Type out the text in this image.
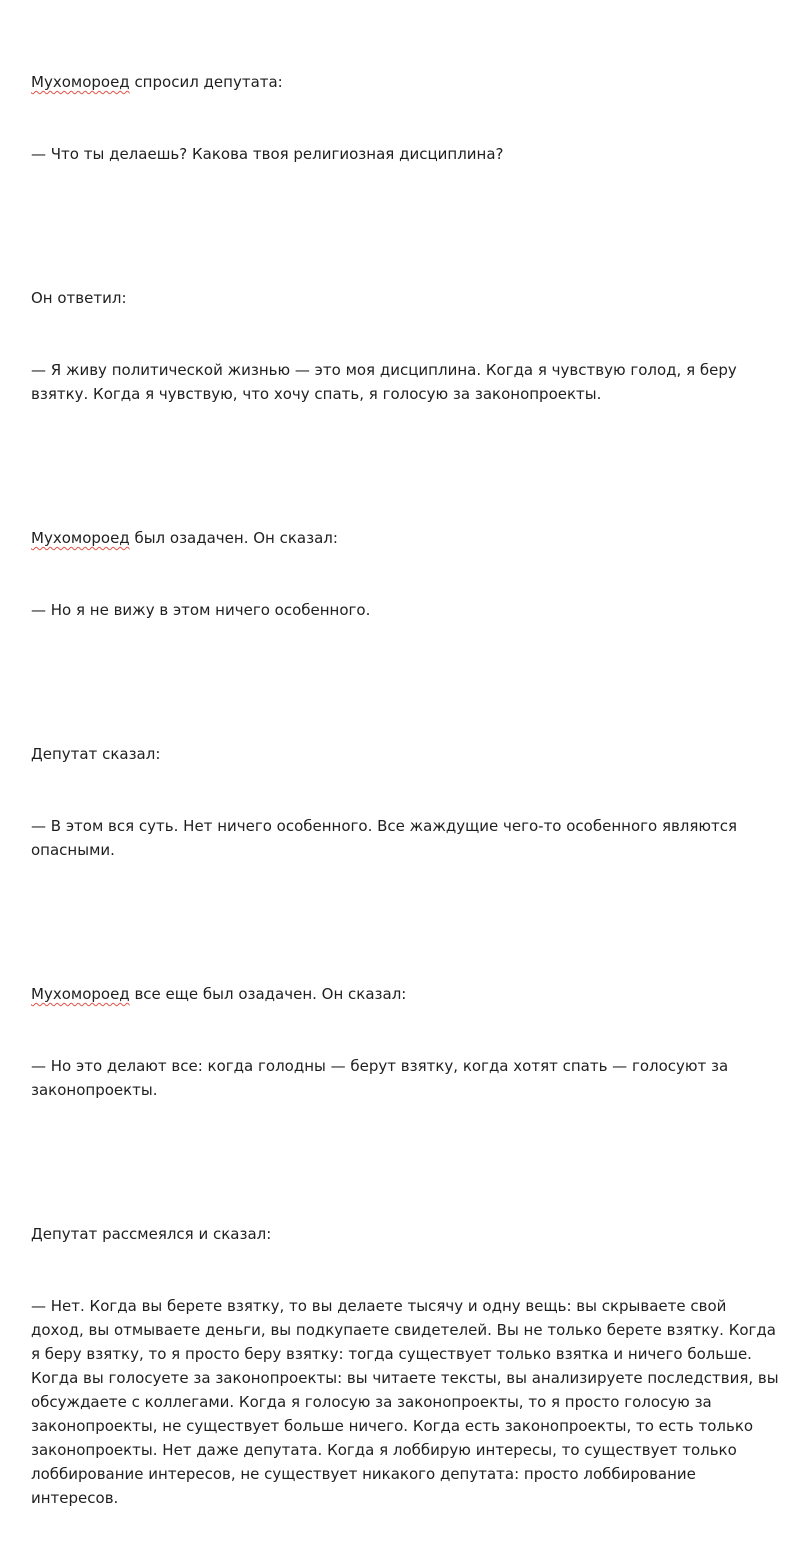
Мухомороед спросил депутата:

— Что ты делаешь? Какова твоя религиозная дисциплина?

Он ответил:

— Я живу политической жизнью — это моя дисциплина. Когда я чувствую голод, я беру взятку. Когда я чувствую, что хочу спать, я голосую за законопроекты.

Мухомороед был озадачен. Он сказал:

— Но я не вижу в этом ничего особенного.

Депутат сказал:

— В этом вся суть. Нет ничего особенного. Все жаждущие чего-то особенного являются опасными.

Мухомороед все еще был озадачен. Он сказал:

— Но это делают все: когда голодны — берут взятку, когда хотят спать — голосуют за законопроекты.

Депутат рассмеялся и сказал:

— Нет. Когда вы берете взятку, то вы делаете тысячу и одну вещь: вы скрываете свой доход, вы отмываете деньги, вы подкупаете свидетелей. Вы не только берете взятку. Когда я беру взятку, то я просто беру взятку: тогда существует только взятка и ничего больше. Когда вы голосуете за законопроекты: вы читаете тексты, вы анализируете последствия, вы обсуждаете с коллегами. Когда я голосую за законопроекты, то я просто голосую за законопроекты, не существует больше ничего. Когда есть законопроекты, то есть только законопроекты. Нет даже депутата. Когда я лоббирую интересы, то существует только лоббирование интересов, не существует никакого депутата: просто лоббирование интересов.
